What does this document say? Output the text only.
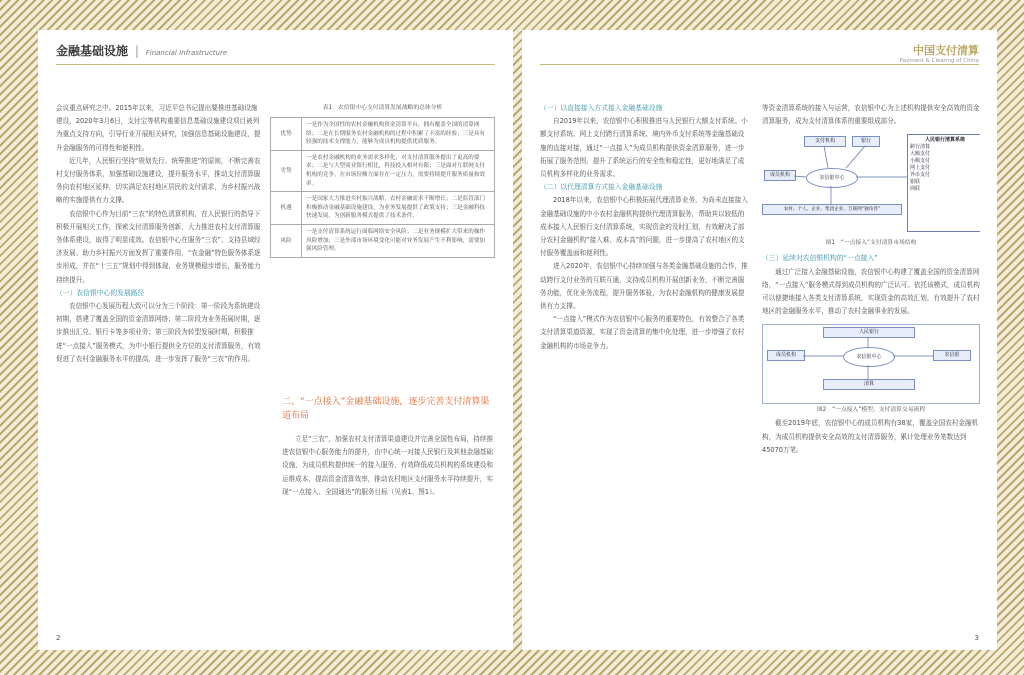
金融基础设施 | Financial Infrastructure

会议重点研究之中。2015年以来，习近平总书记提出要推进基础设施建设，2020年3月6日，支付宝等机构重要信息基础设施建设项目被列为重点支持方向，引导行业开展相关研究，加强信息基础设施建设，提升金融服务的可得性和便利性。

近几年，人民银行坚持“规划先行、统筹推进”的原则，不断完善农村支付服务体系，加强基础设施建设，提升服务水平，推动支付清算服务向农村地区延伸，切实满足农村地区居民的支付需求，为乡村振兴战略的实施提供有力支撑。

农信银中心作为目前“三农”的特色清算机构，在人民银行的指导下积极开展相关工作，探索支付清算服务创新，大力推进农村支付清算服务体系建设，取得了明显成效。农信银中心在服务“三农”、支持县域经济发展、助力乡村振兴方面发挥了重要作用，“农金融”特色服务体系逐步形成，并在“十三五”规划中得到体现，业务规模稳步增长，服务能力持续提升。

（一）农信银中心的发展路径

农信银中心发展历程大致可以分为三个阶段：第一阶段为系统建设初期，搭建了覆盖全国的资金清算网络；第二阶段为业务拓展时期，逐步推出汇兑、银行卡等多项业务；第三阶段为转型发展时期，积极推进“一点接入”服务模式，为中小银行提供全方位的支付清算服务，有效促进了农村金融服务水平的提高，进一步发挥了服务“三农”的作用。

表1　农信银中心支付清算发展战略的总体分析
优势	一是作为全国性的农村金融机构资金清算平台，拥有覆盖全国的清算网络；二是在长期服务农村金融机构的过程中积累了丰富的经验；三是具有较强的技术支撑能力，能够为成员机构提供优质服务。
劣势	一是农村金融机构的业务需求多样化，对支付清算服务提出了更高的要求；二是与大型商业银行相比，科技投入相对有限；三是面对互联网支付机构的竞争，在市场份额方面存在一定压力，需要持续提升服务质量和效率。
机遇	一是国家大力推进乡村振兴战略，农村金融需求不断增长；二是监管部门积极推动金融基础设施建设，为业务发展提供了政策支持；三是金融科技快速发展，为创新服务模式提供了技术条件。
风险	一是支付清算系统运行面临网络安全风险；二是业务规模扩大带来的操作风险增加；三是外部市场环境变化可能对业务发展产生不利影响，需要加强风险管理。

二、“一点接入”金融基础设施，逐步完善支付清算渠道布局

立足“三农”，加强农村支付清算渠道建设并完善全国性布局，持续推进农信银中心服务能力的提升，由中心统一对接人民银行及其他金融基础设施，为成员机构提供统一的接入服务，有效降低成员机构的系统建设和运维成本，提高资金清算效率，推动农村地区支付服务水平持续提升，实现“一点接入、全国通达”的服务目标（见表1、图1）。

2
中国支付清算
Payment & Clearing of China

（一）以直接接入方式接入金融基础设施

自2019年以来，农信银中心积极推进与人民银行大额支付系统、小额支付系统、网上支付跨行清算系统、境内外币支付系统等金融基础设施的直接对接，通过“一点接入”为成员机构提供资金清算服务，进一步拓展了服务范围，提升了系统运行的安全性和稳定性，更好地满足了成员机构多样化的业务需求。

（二）以代理清算方式接入金融基础设施

2018年以来，农信银中心积极拓展代理清算业务，为尚未直接接入金融基础设施的中小农村金融机构提供代理清算服务，帮助其以较低的成本接入人民银行支付清算系统，实现资金的及时汇划，有效解决了部分农村金融机构“接入难、成本高”的问题，进一步提高了农村地区的支付服务覆盖面和便利性。

进入2020年，农信银中心持续加强与各类金融基础设施的合作，推动跨行支付业务的互联互通，支持成员机构开展创新业务，不断完善服务功能，优化业务流程，提升服务体验，为农村金融机构的健康发展提供有力支撑。

“一点接入”模式作为农信银中心服务的重要特色，有效整合了各类支付清算渠道资源，实现了资金清算的集中化处理，进一步增强了农村金融机构的市场竞争力。

等资金清算系统的接入与运营，农信银中心为上述机构提供安全高效的资金清算服务，成为支付清算体系的重要组成部分。

支付机构	银行
农信银中心
成员机构
农村、个人、企业、集团企业、互联网“独角兽”
人民银行清算系统
跨行清算
大额支付
小额支付
网上支付
外币支付
银联
网联
图1　“一点接入”支付清算市场结构

（三）延续对农信银机构的“一点接入”

通过广泛接入金融基础设施，农信银中心构建了覆盖全国的资金清算网络，“一点接入”服务模式得到成员机构的广泛认可。依托该模式，成员机构可以便捷地接入各类支付清算系统，实现资金的高效汇划，有效提升了农村地区的金融服务水平，推动了农村金融事业的发展。

农信银中心
人民银行
成员机构	农信银
清算
图2　“一点接入”模型、支付清算交易流程

截至2019年底，农信银中心的成员机构有38家，覆盖全国农村金融机构，为成员机构提供安全高效的支付清算服务，累计处理业务笔数达到45070万笔。

3
